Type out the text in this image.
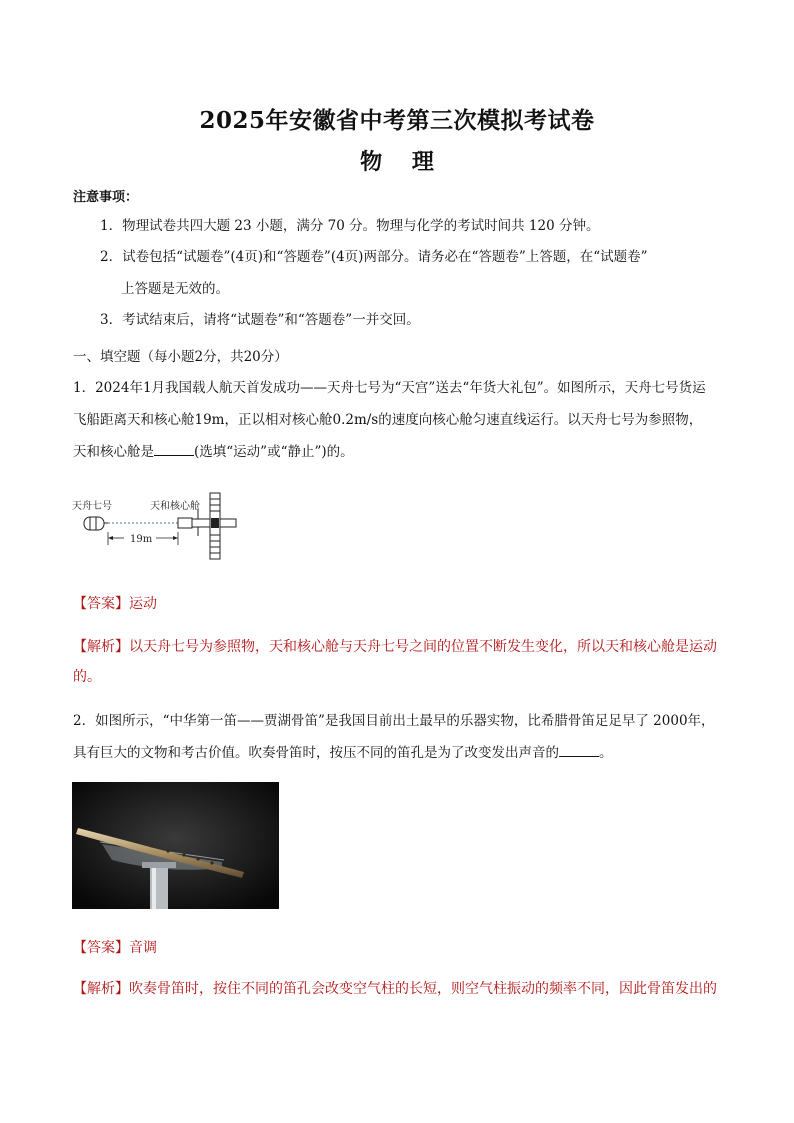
2025年安徽省中考第三次模拟考试卷
物 理
注意事项：
1．物理试卷共四大题 23 小题，满分 70 分。物理与化学的考试时间共 120 分钟。
2．试卷包括“试题卷”(4页)和“答题卷”(4页)两部分。请务必在“答题卷”上答题，在“试题卷”
上答题是无效的。
3．考试结束后，请将“试题卷”和“答题卷”一并交回。
一、填空题（每小题2分，共20分）
1．2024年1月我国载人航天首发成功——天舟七号为“天宫”送去“年货大礼包”。如图所示，天舟七号货运
飞船距离天和核心舱19m，正以相对核心舱0.2m/s的速度向核心舱匀速直线运行。以天舟七号为参照物，
天和核心舱是	(选填“运动”或“静止”)的。
天舟七号	天和核心舱
19m
【答案】运动
【解析】以天舟七号为参照物，天和核心舱与天舟七号之间的位置不断发生变化，所以天和核心舱是运动
的。
2．如图所示，“中华第一笛——贾湖骨笛”是我国目前出土最早的乐器实物，比希腊骨笛足足早了 2000年，
具有巨大的文物和考古价值。吹奏骨笛时，按压不同的笛孔是为了改变发出声音的	。
【答案】音调
【解析】吹奏骨笛时，按住不同的笛孔会改变空气柱的长短，则空气柱振动的频率不同，因此骨笛发出的
